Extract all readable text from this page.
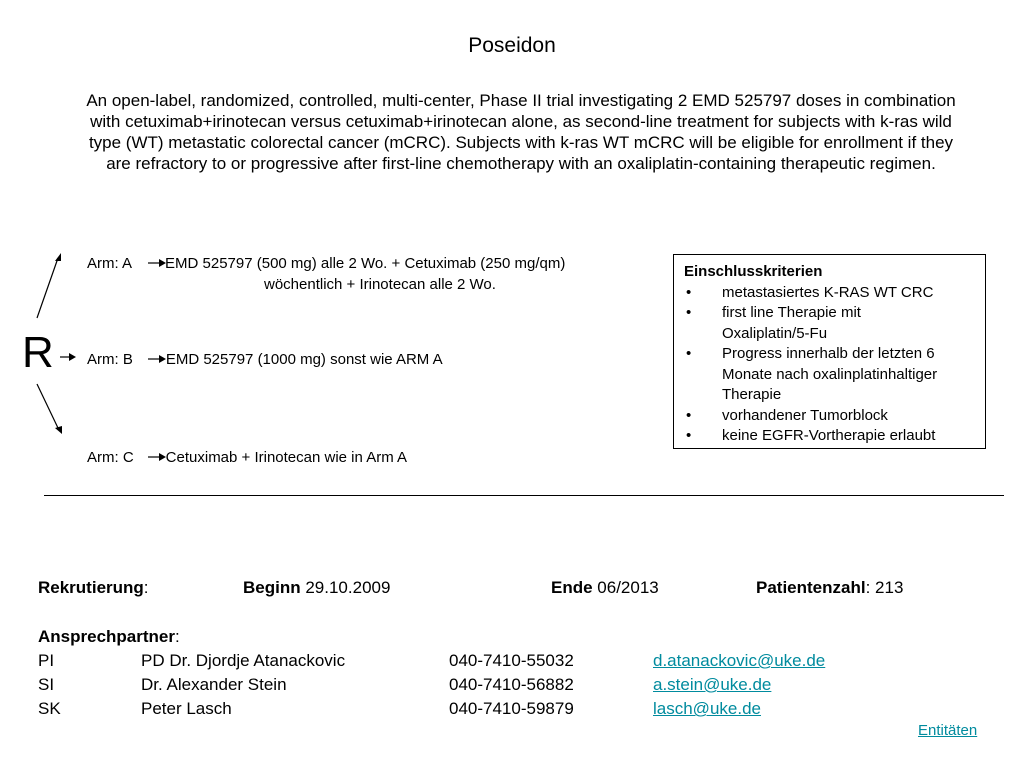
Poseidon
An open-label, randomized, controlled, multi-center, Phase II trial investigating 2 EMD 525797 doses in combination with cetuximab+irinotecan versus cetuximab+irinotecan alone, as second-line treatment for subjects with k-ras wild type (WT) metastatic colorectal cancer (mCRC). Subjects with k-ras WT mCRC will be eligible for enrollment if they are refractory to or progressive after first-line chemotherapy with an oxaliplatin-containing therapeutic regimen.
R
Arm: A EMD 525797 (500 mg) alle 2 Wo. + Cetuximab (250 mg/qm)
wöchentlich + Irinotecan alle 2 Wo.
Arm: B EMD 525797 (1000 mg) sonst wie ARM A
Arm: C Cetuximab + Irinotecan wie in Arm A
Einschlusskriterien
• metastasiertes K-RAS WT CRC
• first line Therapie mit Oxaliplatin/5-Fu
• Progress innerhalb der letzten 6 Monate nach oxalinplatinhaltiger Therapie
• vorhandener Tumorblock
• keine EGFR-Vortherapie erlaubt
Rekrutierung:	Beginn 29.10.2009	Ende 06/2013	Patientenzahl: 213
Ansprechpartner:
PI	PD Dr. Djordje Atanackovic	040-7410-55032	d.atanackovic@uke.de
SI	Dr. Alexander Stein	040-7410-56882	a.stein@uke.de
SK	Peter Lasch	040-7410-59879	lasch@uke.de
Entitäten
